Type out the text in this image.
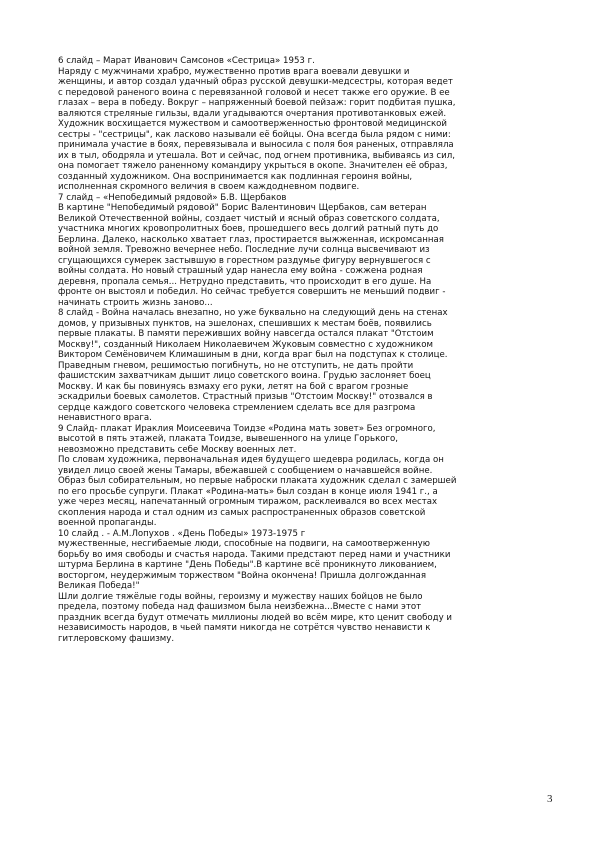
6 слайд – Марат Иванович Самсонов «Сестрица» 1953 г.
Наряду с мужчинами храбро, мужественно против врага воевали девушки и
женщины, и автор создал удачный образ русской девушки-медсестры, которая ведет
с передовой раненого воина с перевязанной головой и несет также его оружие. В ее
глазах – вера в победу. Вокруг – напряженный боевой пейзаж: горит подбитая пушка,
валяются стреляные гильзы, вдали угадываются очертания противотанковых ежей.
Художник восхищается мужеством и самоотверженностью фронтовой медицинской
сестры - "сестрицы", как ласково называли её бойцы. Она всегда была рядом с ними:
принимала участие в боях, перевязывала и выносила с поля боя раненых, отправляла
их в тыл, ободряла и утешала. Вот и сейчас, под огнем противника, выбиваясь из сил,
она помогает тяжело раненному командиру укрыться в окопе. Значителен её образ,
созданный художником. Она воспринимается как подлинная героиня войны,
исполненная скромного величия в своем каждодневном подвиге.
7 слайд – «Непобедимый рядовой» Б.В. Щербаков
В картине "Непобедимый рядовой" Борис Валентинович Щербаков, сам ветеран
Великой Отечественной войны, создает чистый и ясный образ советского солдата,
участника многих кровопролитных боев, прошедшего весь долгий ратный путь до
Берлина. Далеко, насколько хватает глаз, простирается выжженная, искромсанная
войной земля. Тревожно вечернее небо. Последние лучи солнца высвечивают из
сгущающихся сумерек застывшую в горестном раздумье фигуру вернувшегося с
войны солдата. Но новый страшный удар нанесла ему война - сожжена родная
деревня, пропала семья... Нетрудно представить, что происходит в его душе. На
фронте он выстоял и победил. Но сейчас требуется совершить не меньший подвиг -
начинать строить жизнь заново...
8 слайд - Война началась внезапно, но уже буквально на следующий день на стенах
домов, у призывных пунктов, на эшелонах, спешивших к местам боёв, появились
первые плакаты. В памяти переживших войну навсегда остался плакат "Отстоим
Москву!", созданный Николаем Николаевичем Жуковым совместно с художником
Виктором Семёновичем Климашиным в дни, когда враг был на подступах к столице.
Праведным гневом, решимостью погибнуть, но не отступить, не дать пройти
фашистским захватчикам дышит лицо советского воина. Грудью заслоняет боец
Москву. И как бы повинуясь взмаху его руки, летят на бой с врагом грозные
эскадрильи боевых самолетов. Страстный призыв "Отстоим Москву!" отозвался в
сердце каждого советского человека стремлением сделать все для разгрома
ненавистного врага.
9 Слайд- плакат Ираклия Моисеевича Тоидзе «Родина мать зовет» Без огромного,
высотой в пять этажей, плаката Тоидзе, вывешенного на улице Горького,
невозможно представить себе Москву военных лет.
По словам художника, первоначальная идея будущего шедевра родилась, когда он
увидел лицо своей жены Тамары, вбежавшей с сообщением о начавшейся войне.
Образ был собирательным, но первые наброски плаката художник сделал с замершей
по его просьбе супруги. Плакат «Родина-мать» был создан в конце июля 1941 г., а
уже через месяц, напечатанный огромным тиражом, расклеивался во всех местах
скопления народа и стал одним из самых распространенных образов советской
военной пропаганды.
10 слайд . - А.М.Лопухов . «День Победы» 1973-1975 г
мужественные, несгибаемые люди, способные на подвиги, на самоотверженную
борьбу во имя свободы и счастья народа. Такими предстают перед нами и участники
штурма Берлина в картине "День Победы".В картине всё проникнуто ликованием,
восторгом, неудержимым торжеством "Война окончена! Пришла долгожданная
Великая Победа!"
Шли долгие тяжёлые годы войны, героизму и мужеству наших бойцов не было
предела, поэтому победа над фашизмом была неизбежна...Вместе с нами этот
праздник всегда будут отмечать миллионы людей во всём мире, кто ценит свободу и
независимость народов, в чьей памяти никогда не сотрётся чувство ненависти к
гитлеровскому фашизму.
3
